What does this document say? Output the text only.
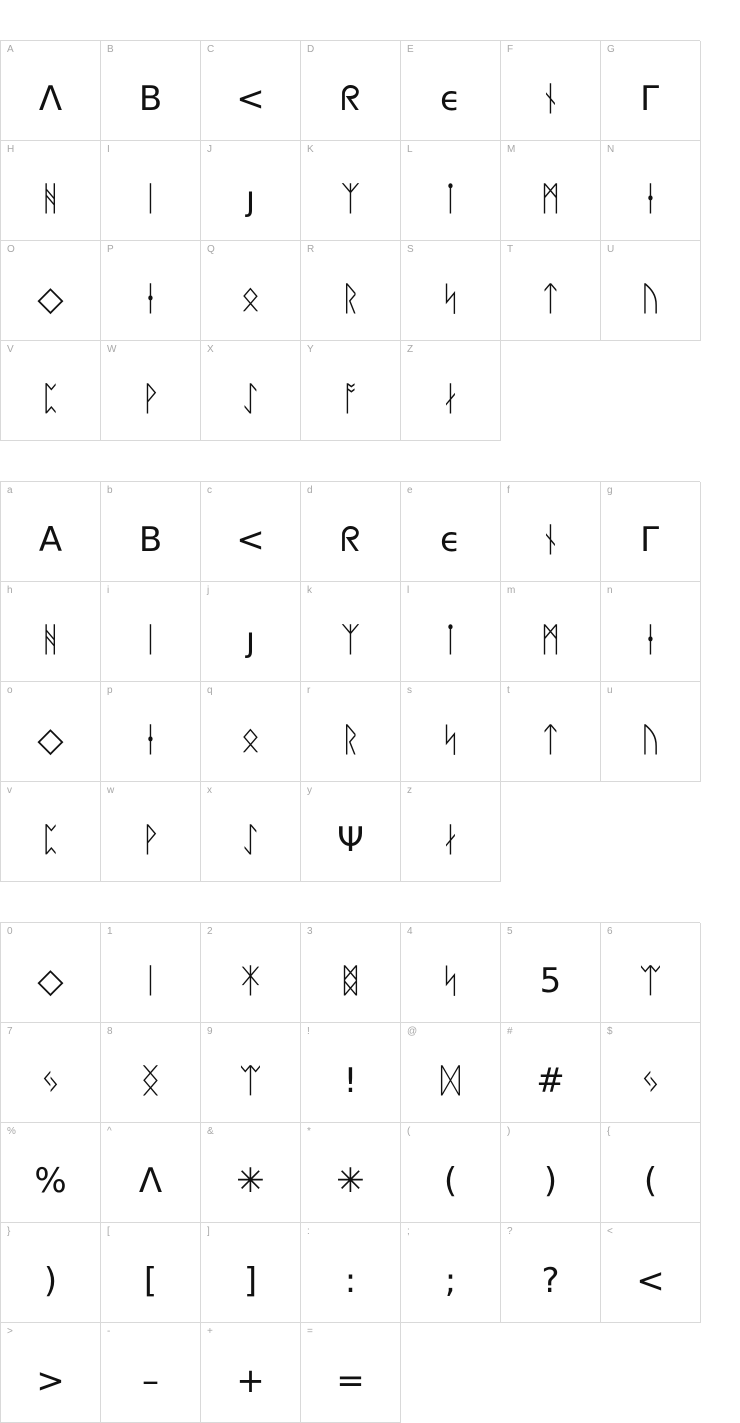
A
Λ
B
Β
C
<
D
ᖇ
E
ϵ
F
ᚾ
G
Г
H
ᚻ
I
ᛁ
J
ȷ
K
ᛉ
L
ᛙ
M
ᛗ
N
ᚽ
O
◇
P
ᛂ
Q
ᛟ
R
ᚱ
S
ᛋ
T
ᛏ
U
ᚢ
V
ᛈ
W
ᚹ
X
ᛇ
Y
ᚩ
Z
ᛅ
a
Α
b
Β
c
<
d
ᖇ
e
ϵ
f
ᚾ
g
Г
h
ᚻ
i
ᛁ
j
ȷ
k
ᛉ
l
ᛙ
m
ᛗ
n
ᚽ
o
◇
p
ᛂ
q
ᛟ
r
ᚱ
s
ᛋ
t
ᛏ
u
ᚢ
v
ᛈ
w
ᚹ
x
ᛇ
y
Ψ
z
ᛅ
0
◇
1
ᛁ
2
ᛡ
3
ᛥ
4
ᛋ
5
5
6
ᛠ
7
ᛃ
8
ᛝ
9
ᛠ
!
!
@
ᛞ
#
#
$
ᛃ
%
%
^
Λ
&
✳
*
✳
(
(
)
)
{
(
}
)
[
[
]
]
:
:
;
;
?
?
<
<
>
>
-
–
+
+
=
=
